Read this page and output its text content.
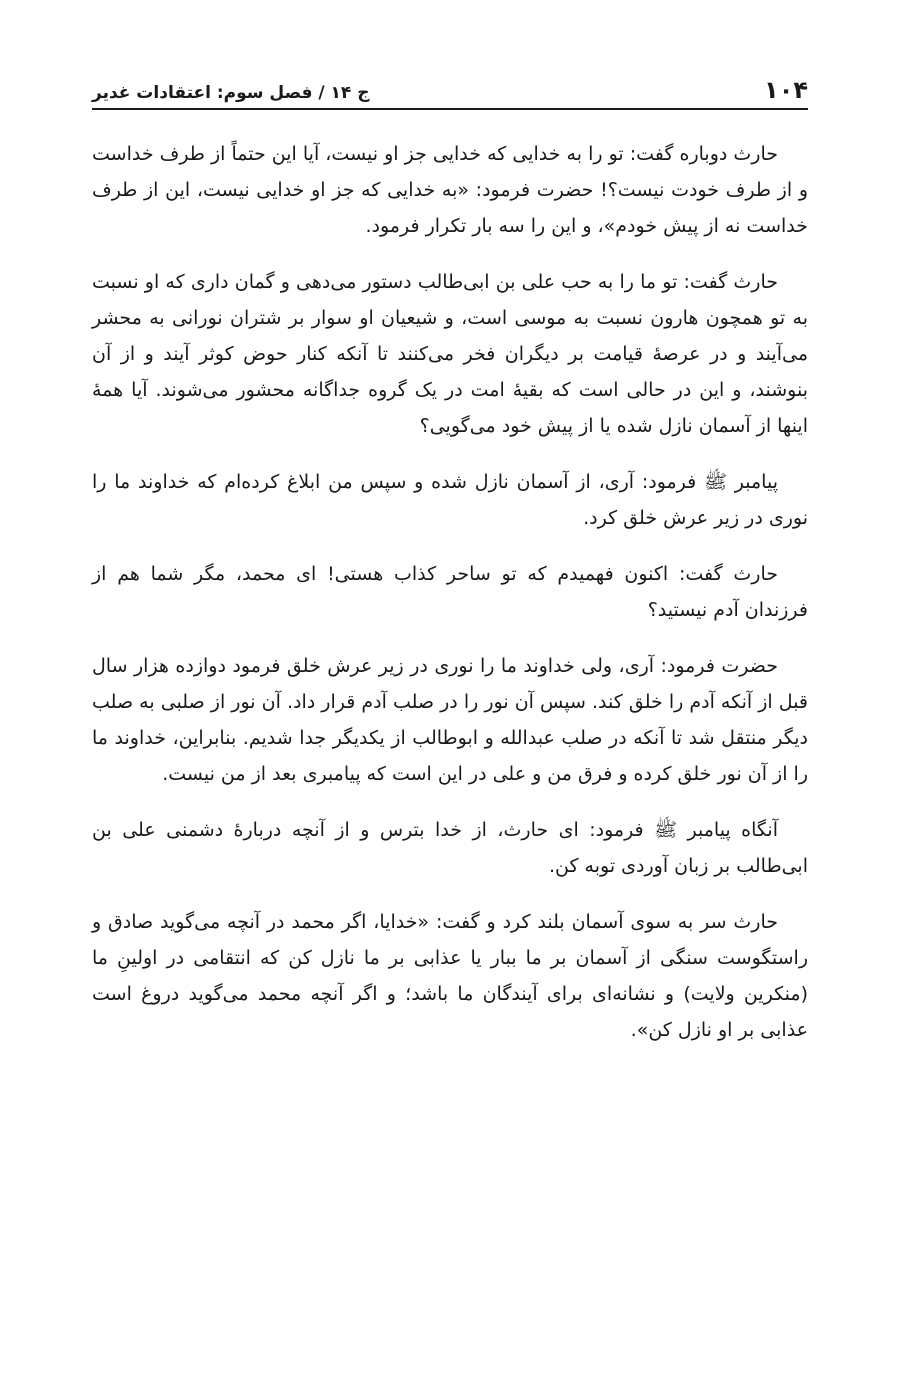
۱۰۴
ج ۱۴ / فصل سوم: اعتقادات غدیر

حارث دوباره گفت: تو را به خدایی که خدایی جز او نیست، آیا این حتماً از طرف خداست و از طرف خودت نیست؟! حضرت فرمود: «به خدایی که جز او خدایی نیست، این از طرف خداست نه از پیش خودم»، و این را سه بار تکرار فرمود.

حارث گفت: تو ما را به حب علی بن ابی‌طالب دستور می‌دهی و گمان داری که او نسبت به تو همچون هارون نسبت به موسی است، و شیعیان او سوار بر شتران نورانی به محشر می‌آیند و در عرصهٔ قیامت بر دیگران فخر می‌کنند تا آنکه کنار حوض کوثر آیند و از آن بنوشند، و این در حالی است که بقیهٔ امت در یک گروه جداگانه محشور می‌شوند. آیا همهٔ اینها از آسمان نازل شده یا از پیش خود می‌گویی؟

پیامبر ﷺ فرمود: آری، از آسمان نازل شده و سپس من ابلاغ کرده‌ام که خداوند ما را نوری در زیر عرش خلق کرد.

حارث گفت: اکنون فهمیدم که تو ساحر کذاب هستی! ای محمد، مگر شما هم از فرزندان آدم نیستید؟

حضرت فرمود: آری، ولی خداوند ما را نوری در زیر عرش خلق فرمود دوازده هزار سال قبل از آنکه آدم را خلق کند. سپس آن نور را در صلب آدم قرار داد. آن نور از صلبی به صلب دیگر منتقل شد تا آنکه در صلب عبدالله و ابوطالب از یکدیگر جدا شدیم. بنابراین، خداوند ما را از آن نور خلق کرده و فرق من و علی در این است که پیامبری بعد از من نیست.

آنگاه پیامبر ﷺ فرمود: ای حارث، از خدا بترس و از آنچه دربارهٔ دشمنی علی بن ابی‌طالب بر زبان آوردی توبه کن.

حارث سر به سوی آسمان بلند کرد و گفت: «خدایا، اگر محمد در آنچه می‌گوید صادق و راستگوست سنگی از آسمان بر ما ببار یا عذابی بر ما نازل کن که انتقامی در اولینِ ما (منکرین ولایت) و نشانه‌ای برای آیندگان ما باشد؛ و اگر آنچه محمد می‌گوید دروغ است عذابی بر او نازل کن».
